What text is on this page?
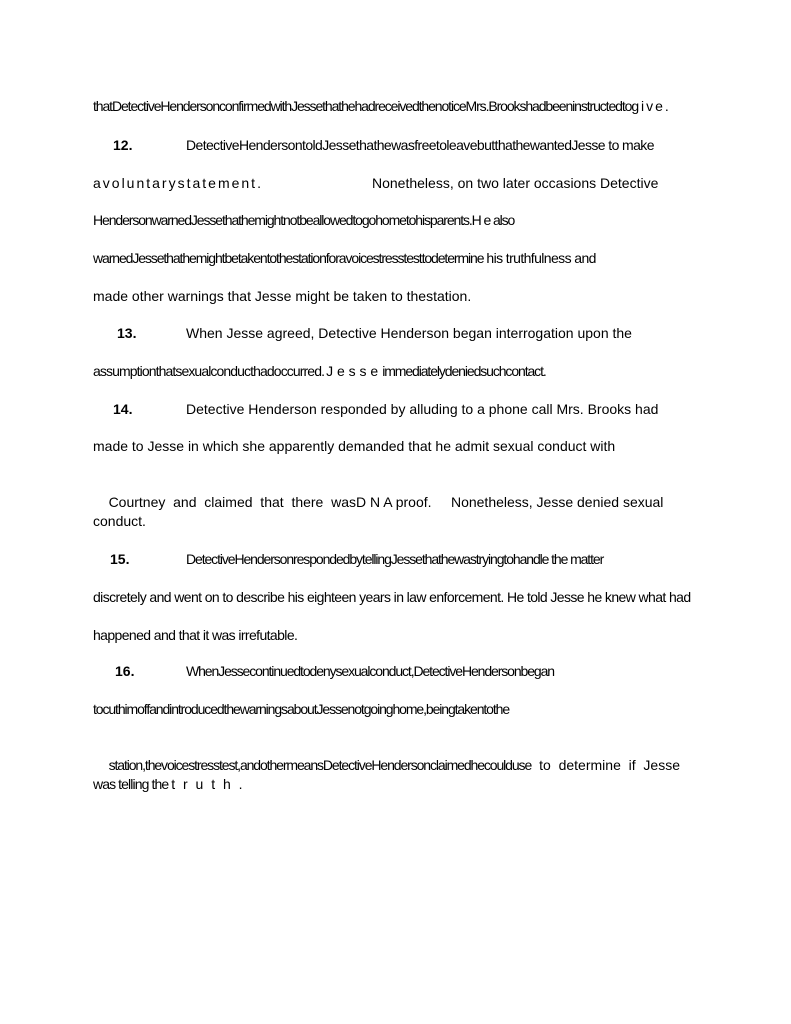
thatDetectiveHendersonconfirmedwithJessethathehadreceivedthenoticeMrs.Brookshadbeeninstructedtog ive.
12.	DetectiveHendersontoldJessethathewasfreetoleavebutthathewantedJesse to make
avoluntarystatement.	Nonetheless, on two later occasions Detective
HendersonwarnedJessethathemightnotbeallowedtogohometohisparents.H e also
warnedJessethathemightbetakentothestationforavoicestresstesttodetermine his truthfulness and
made other warnings that Jesse might be taken to thestation.
13.	When Jesse agreed, Detective Henderson began interrogation upon the
assumptionthatsexualconducthadoccurred. J e s s e immediatelydeniedsuchcontact.
14.	Detective Henderson responded by alluding to a phone call Mrs. Brooks had
made to Jesse in which she apparently demanded that he admit sexual conduct with

Courtney  and  claimed  that  there  wasD N A proof.     Nonetheless, Jesse denied sexual

conduct.
15.	DetectiveHendersonrespondedbytellingJessethathewastryingtohandle the matter
discretely and went on to describe his eighteen years in law enforcement. He told Jesse he knew what had
happened and that it was irrefutable.
16.	WhenJessecontinuedtodenysexualconduct,DetectiveHendersonbegan
tocuthimoffandintroducedthewarningsaboutJessenotgoinghome,beingtakentothe

station,thevoicestresstest,andothermeansDetectiveHendersonclaimedhecoulduse to  determine  if  Jesse

was telling the t r u t h .
